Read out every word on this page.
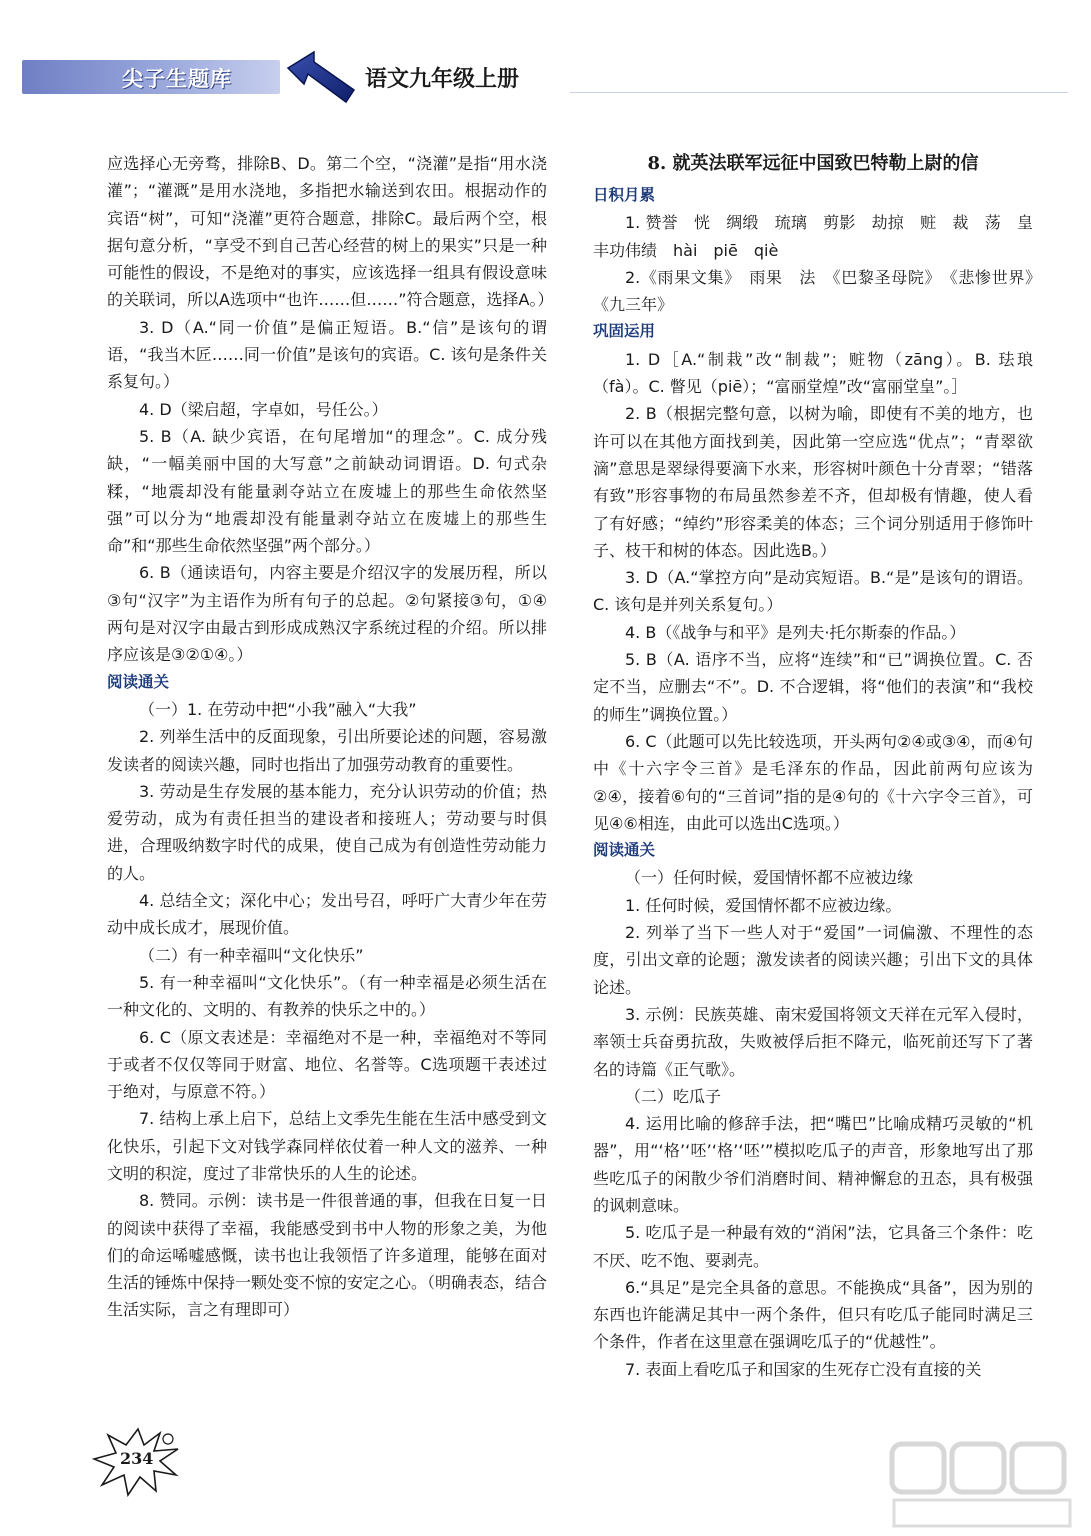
尖子生题库	语文九年级上册

应选择心无旁骛，排除B、D。第二个空，“浇灌”是指“用水浇灌”；“灌溉”是用水浇地，多指把水输送到农田。根据动作的宾语“树”，可知“浇灌”更符合题意，排除C。最后两个空，根据句意分析，“享受不到自己苦心经营的树上的果实”只是一种可能性的假设，不是绝对的事实，应该选择一组具有假设意味的关联词，所以A选项中“也许……但……”符合题意，选择A。）

3. D（A.“同一价值”是偏正短语。B.“信”是该句的谓语，“我当木匠……同一价值”是该句的宾语。C. 该句是条件关系复句。）

4. D（梁启超，字卓如，号任公。）

5. B（A. 缺少宾语，在句尾增加“的理念”。C. 成分残缺，“一幅美丽中国的大写意”之前缺动词谓语。D. 句式杂糅，“地震却没有能量剥夺站立在废墟上的那些生命依然坚强”可以分为“地震却没有能量剥夺站立在废墟上的那些生命”和“那些生命依然坚强”两个部分。）

6. B（通读语句，内容主要是介绍汉字的发展历程，所以③句“汉字”为主语作为所有句子的总起。②句紧接③句，①④两句是对汉字由最古到形成成熟汉字系统过程的介绍。所以排序应该是③②①④。）

阅读通关

（一）1. 在劳动中把“小我”融入“大我”

2. 列举生活中的反面现象，引出所要论述的问题，容易激发读者的阅读兴趣，同时也指出了加强劳动教育的重要性。

3. 劳动是生存发展的基本能力，充分认识劳动的价值；热爱劳动，成为有责任担当的建设者和接班人；劳动要与时俱进，合理吸纳数字时代的成果，使自己成为有创造性劳动能力的人。

4. 总结全文；深化中心；发出号召，呼吁广大青少年在劳动中成长成才，展现价值。

（二）有一种幸福叫“文化快乐”

5. 有一种幸福叫“文化快乐”。（有一种幸福是必须生活在一种文化的、文明的、有教养的快乐之中的。）

6. C（原文表述是：幸福绝对不是一种，幸福绝对不等同于或者不仅仅等同于财富、地位、名誉等。C选项题干表述过于绝对，与原意不符。）

7. 结构上承上启下，总结上文季先生能在生活中感受到文化快乐，引起下文对钱学森同样依仗着一种人文的滋养、一种文明的积淀，度过了非常快乐的人生的论述。

8. 赞同。示例：读书是一件很普通的事，但我在日复一日的阅读中获得了幸福，我能感受到书中人物的形象之美，为他们的命运唏嘘感慨，读书也让我领悟了许多道理，能够在面对生活的锤炼中保持一颗处变不惊的安定之心。（明确表态，结合生活实际，言之有理即可）

8. 就英法联军远征中国致巴特勒上尉的信

日积月累

1. 赞誉　恍　绸缎　琉璃　剪影　劫掠　赃　裁　荡　皇　丰功伟绩　hài　piē　qiè

2.《雨果文集》　雨果　法　《巴黎圣母院》　《悲惨世界》　《九三年》

巩固运用

1. D［A.“制栽”改“制裁”；赃物（zāng）。B. 珐琅（fà）。C. 瞥见（piē）；“富丽堂煌”改“富丽堂皇”。］

2. B（根据完整句意，以树为喻，即使有不美的地方，也许可以在其他方面找到美，因此第一空应选“优点”；“青翠欲滴”意思是翠绿得要滴下水来，形容树叶颜色十分青翠；“错落有致”形容事物的布局虽然参差不齐，但却极有情趣，使人看了有好感；“绰约”形容柔美的体态；三个词分别适用于修饰叶子、枝干和树的体态。因此选B。）

3. D（A.“掌控方向”是动宾短语。B.“是”是该句的谓语。C. 该句是并列关系复句。）

4. B（《战争与和平》是列夫·托尔斯泰的作品。）

5. B（A. 语序不当，应将“连续”和“已”调换位置。C. 否定不当，应删去“不”。D. 不合逻辑，将“他们的表演”和“我校的师生”调换位置。）

6. C（此题可以先比较选项，开头两句②④或③④，而④句中《十六字令三首》是毛泽东的作品，因此前两句应该为②④，接着⑥句的“三首词”指的是④句的《十六字令三首》，可见④⑥相连，由此可以选出C选项。）

阅读通关

（一）任何时候，爱国情怀都不应被边缘

1. 任何时候，爱国情怀都不应被边缘。

2. 列举了当下一些人对于“爱国”一词偏激、不理性的态度，引出文章的论题；激发读者的阅读兴趣；引出下文的具体论述。

3. 示例：民族英雄、南宋爱国将领文天祥在元军入侵时，率领士兵奋勇抗敌，失败被俘后拒不降元，临死前还写下了著名的诗篇《正气歌》。

（二）吃瓜子

4. 运用比喻的修辞手法，把“嘴巴”比喻成精巧灵敏的“机器”，用“‘格’‘呸’‘格’‘呸’”模拟吃瓜子的声音，形象地写出了那些吃瓜子的闲散少爷们消磨时间、精神懈怠的丑态，具有极强的讽刺意味。

5. 吃瓜子是一种最有效的“消闲”法，它具备三个条件：吃不厌、吃不饱、要剥壳。

6.“具足”是完全具备的意思。不能换成“具备”，因为别的东西也许能满足其中一两个条件，但只有吃瓜子能同时满足三个条件，作者在这里意在强调吃瓜子的“优越性”。

7. 表面上看吃瓜子和国家的生死存亡没有直接的关

234
